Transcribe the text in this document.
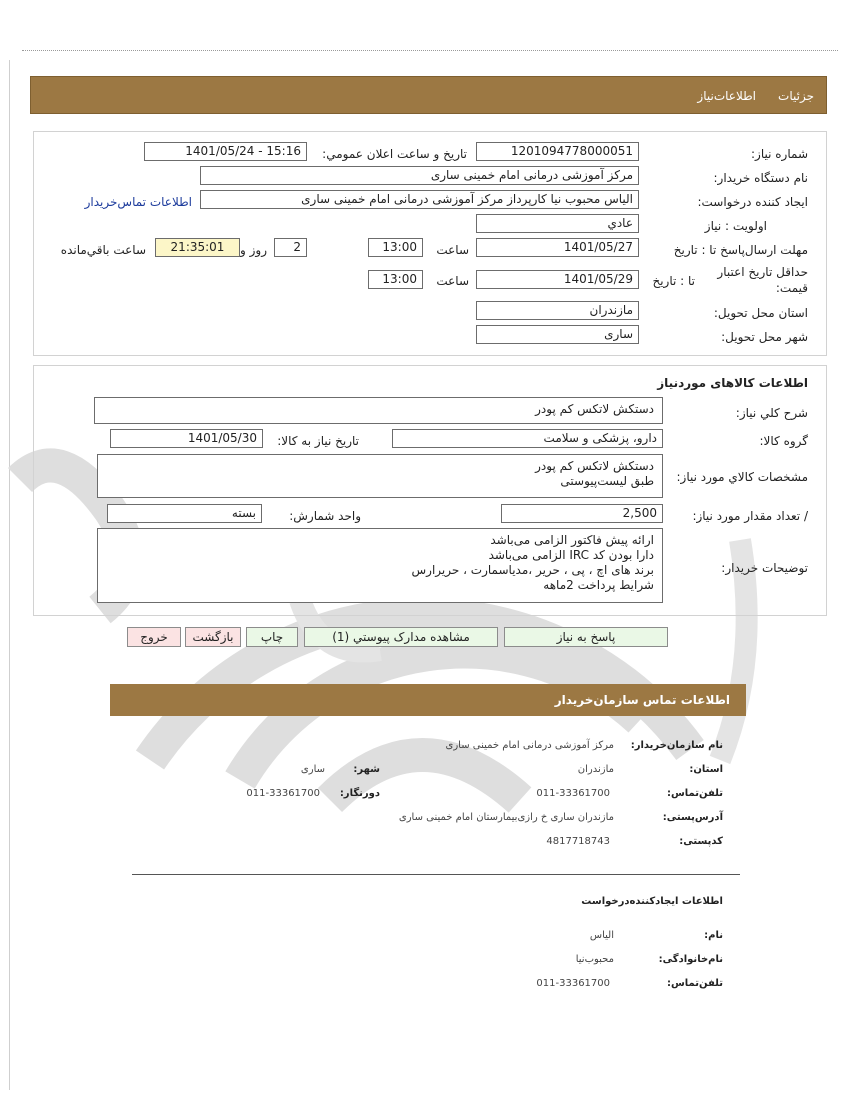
جزئیات
اطلاعات‌نیاز
شماره نیاز:
1201094778000051
تاریخ و ساعت اعلان عمومي:
1401/05/24 - 15:16
نام دستگاه خریدار:
مرکز آموزشی درمانی امام خمینی ساری
ایجاد کننده درخواست:
الیاس محبوب نیا کارپرداز مرکز آموزشی درمانی امام خمینی ساری
اطلاعات تماس‌خریدار
اولویت : نیاز
عادي
مهلت ارسال‌پاسخ تا : تاریخ
1401/05/27
ساعت
13:00
2
روز و
21:35:01
ساعت باقي‌مانده
حداقل تاریخ اعتبار
قیمت:
تا : تاریخ
1401/05/29
ساعت
13:00
استان محل تحویل:
مازندران
شهر محل تحویل:
ساری
اطلاعات کالاهای موردنیاز
شرح کلي نیاز:
دستکش لاتکس کم پودر
گروه کالا:
دارو، پزشکی و سلامت
تاریخ نیاز به کالا:
1401/05/30
مشخصات کالاي مورد نیاز:
دستکش لاتکس کم پودر
طبق لیست‌پیوستی
/ تعداد مقدار مورد نیاز:
2,500
واحد شمارش:
بسته
توضیحات خریدار:
ارائه پیش فاکتور الزامی می‌باشد
دارا بودن کد IRC الزامی می‌باشد
برند های اچ ، پی ، حریر ،مدیاسمارت ، حریرارس
شرایط پرداخت 2ماهه
پاسخ به نیاز
مشاهده مدارک پیوستي (1)
چاپ
بازگشت
خروج
اطلاعات تماس سازمان‌خریدار
نام سازمان‌خریدار:
مرکز آموزشی درمانی امام خمینی ساری
استان:
مازندران
شهر:
ساری
تلفن‌تماس:
011-33361700
دورنگار:
011-33361700
آدرس‌پستی:
مازندران ساری خ رازی‌بیمارستان امام خمینی ساری
کدپستی:
4817718743
اطلاعات ایجادکننده‌درخواست
نام:
الیاس
نام‌خانوادگی:
محبوب‌نیا
تلفن‌تماس:
011-33361700
